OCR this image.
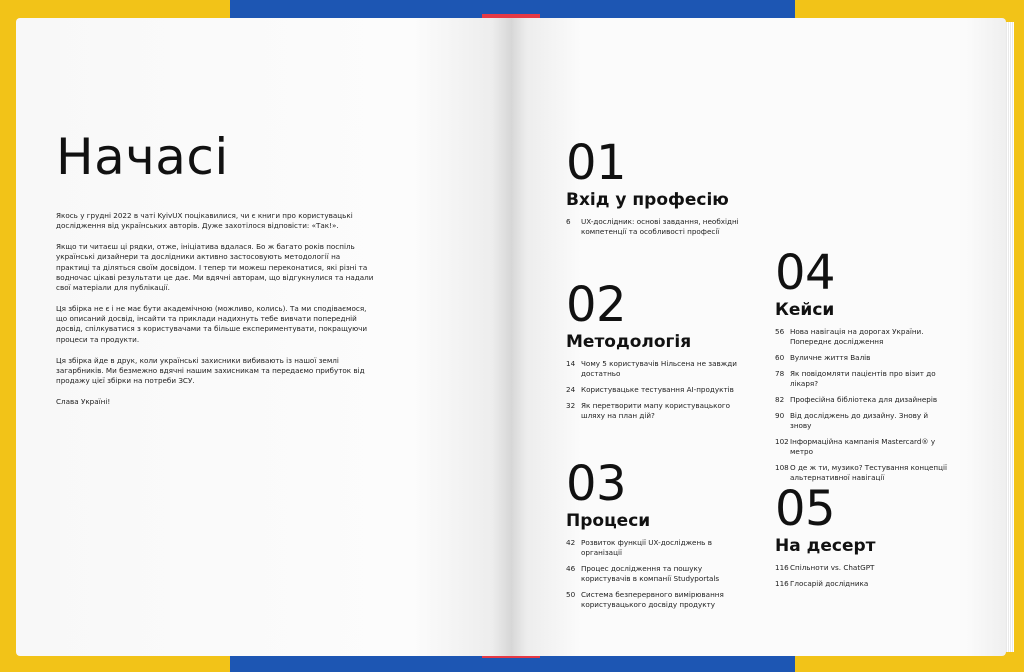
Начасі

Якось у грудні 2022 в чаті KyivUX поцікавилися, чи є книги про користувацькі дослідження від українських авторів. Дуже захотілося відповісти: «Так!».

Якщо ти читаєш ці рядки, отже, ініціатива вдалася. Бо ж багато років поспіль українські дизайнери та дослідники активно застосовують методології на практиці та діляться своїм досвідом. І тепер ти можеш переконатися, які різні та водночас цікаві результати це дає. Ми вдячні авторам, що відгукнулися та надали свої матеріали для публікації.

Ця збірка не є і не має бути академічною (можливо, колись). Та ми сподіваємося, що описаний досвід, інсайти та приклади надихнуть тебе вивчати попередній досвід, спілкуватися з користувачами та більше експериментувати, покращуючи процеси та продукти.

Ця збірка йде в друк, коли українські захисники вибивають із нашої землі загарбників. Ми безмежно вдячні нашим захисникам та передаємо прибуток від продажу цієї збірки на потреби ЗСУ.

Слава Україні!

01
Вхід у професію
6	UX-дослідник: основі завдання, необхідні компетенції та особливості професії
02
Методологія
14 Чому 5 користувачів Нільсена не завжди достатньо
24 Користувацьке тестування АІ-продуктів
32 Як перетворити мапу користувацького шляху на план дій?
03
Процеси
42 Розвиток функції UX-досліджень в організації
46 Процес дослідження та пошуку користувачів в компанії Studyportals
50 Система безперервного вимірювання користувацького досвіду продукту
04
Кейси
56 Нова навігація на дорогах України. Попереднє дослідження
60 Вуличне життя Валів
78 Як повідомляти пацієнтів про візит до лікаря?
82 Професійна бібліотека для дизайнерів
90 Від досліджень до дизайну. Знову й знову
102 Інформаційна кампанія Mastercard® у метро
108 О де ж ти, музико? Тестування концепції альтернативної навігації
05
На десерт
116 Спільноти vs. ChatGPT
116 Глосарій дослідника
